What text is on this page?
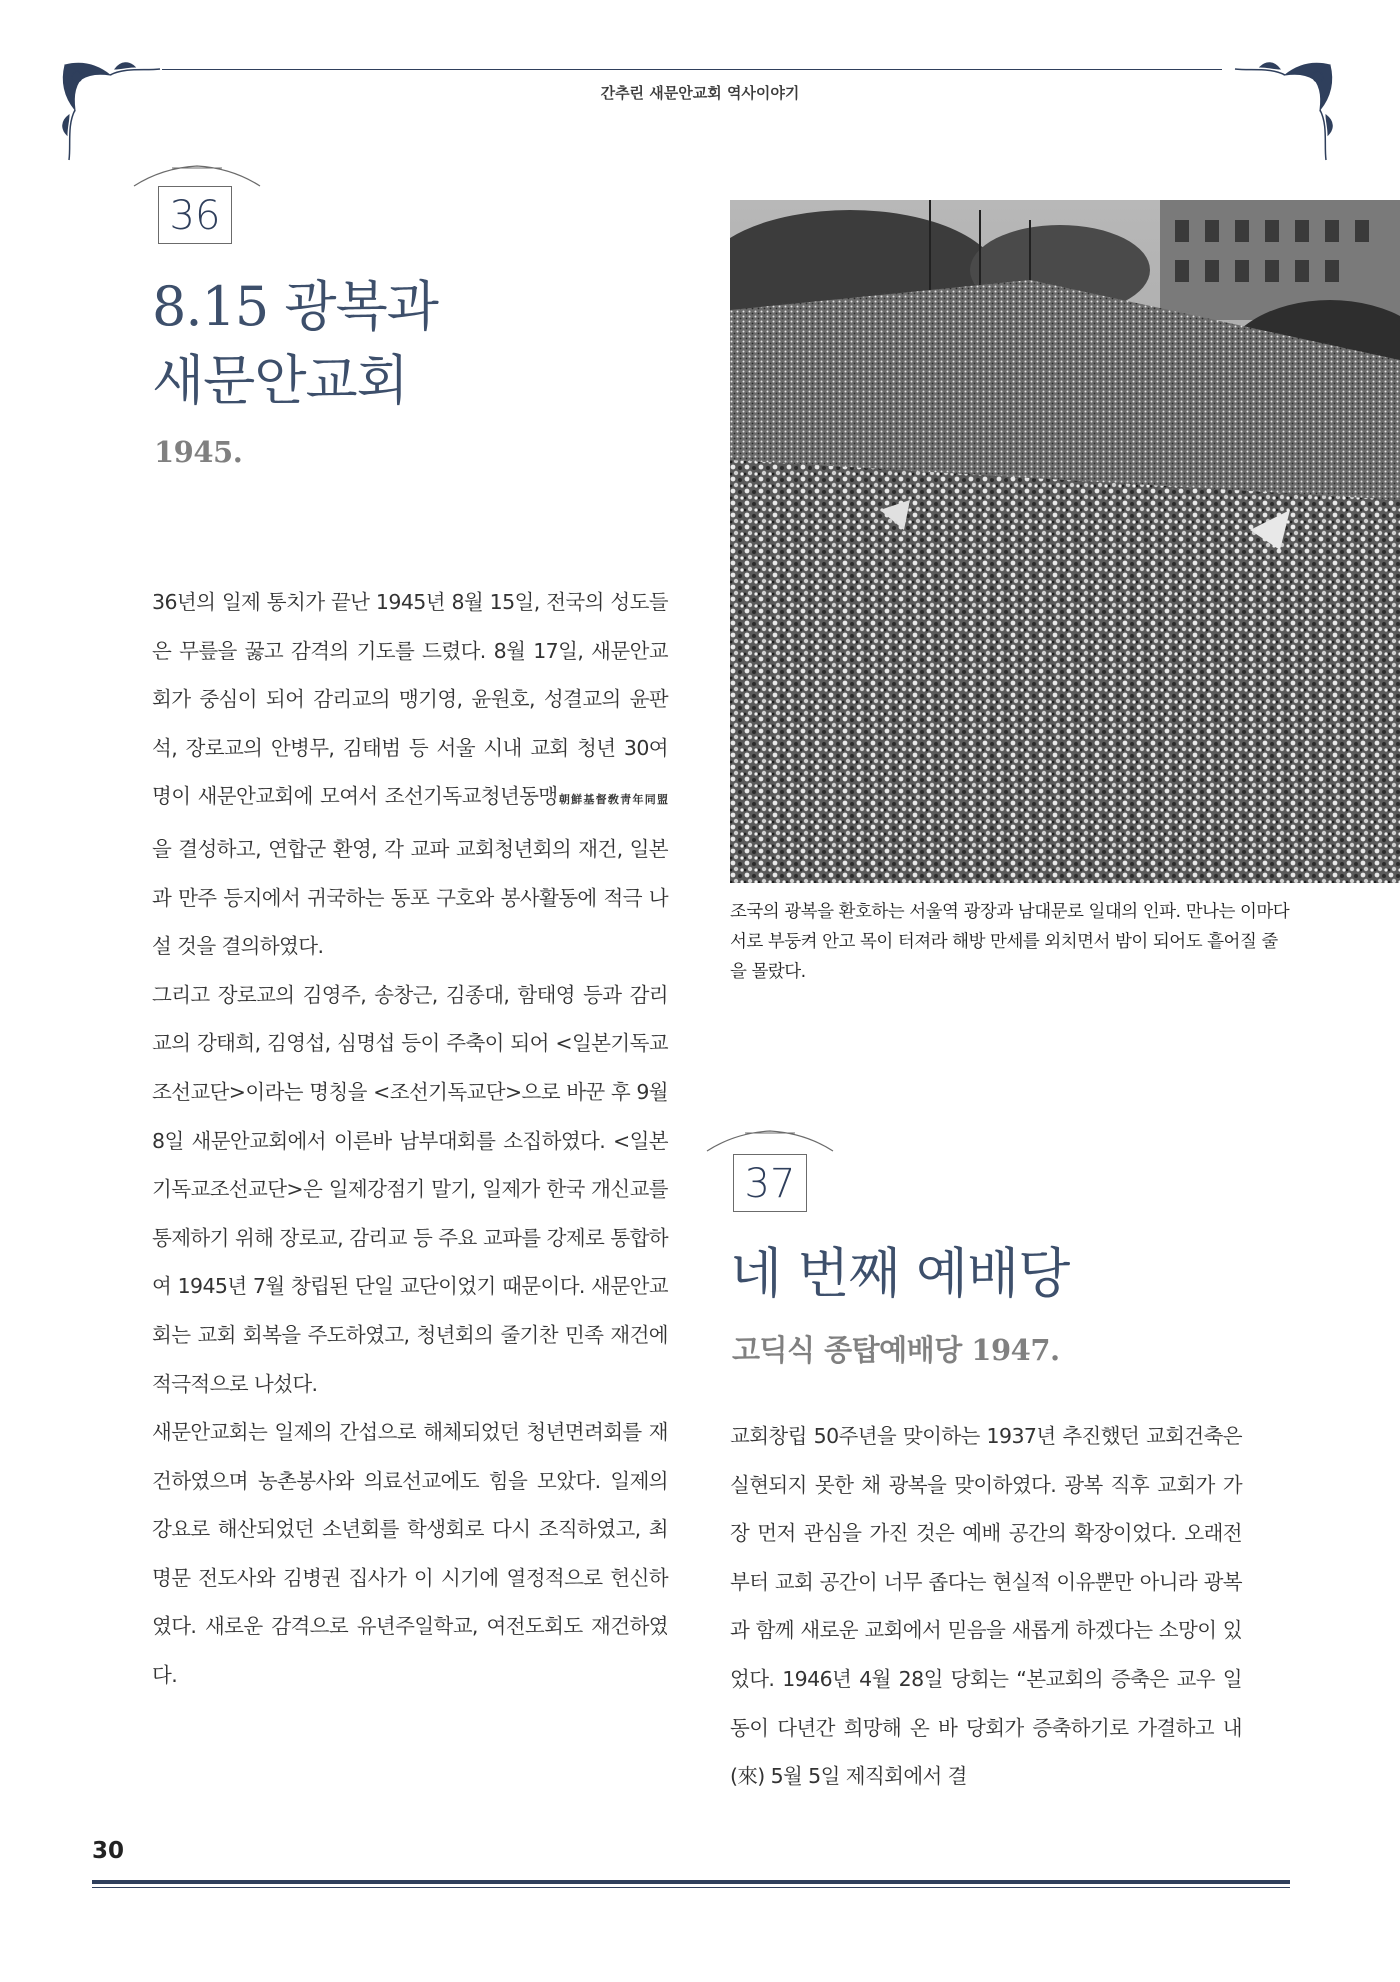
간추린 새문안교회 역사이야기
36
8.15 광복과
새문안교회
1945.

36년의 일제 통치가 끝난 1945년 8월 15일, 전국의 성도들은 무릎을 꿇고 감격의 기도를 드렸다. 8월 17일, 새문안교회가 중심이 되어 감리교의 맹기영, 윤원호, 성결교의 윤판석, 장로교의 안병무, 김태범 등 서울 시내 교회 청년 30여 명이 새문안교회에 모여서 조선기독교청년동맹朝鮮基督敎靑年同盟을 결성하고, 연합군 환영, 각 교파 교회청년회의 재건, 일본과 만주 등지에서 귀국하는 동포 구호와 봉사활동에 적극 나설 것을 결의하였다.

그리고 장로교의 김영주, 송창근, 김종대, 함태영 등과 감리교의 강태희, 김영섭, 심명섭 등이 주축이 되어 <일본기독교조선교단>이라는 명칭을 <조선기독교단>으로 바꾼 후 9월 8일 새문안교회에서 이른바 남부대회를 소집하였다. <일본기독교조선교단>은 일제강점기 말기, 일제가 한국 개신교를 통제하기 위해 장로교, 감리교 등 주요 교파를 강제로 통합하여 1945년 7월 창립된 단일 교단이었기 때문이다. 새문안교회는 교회 회복을 주도하였고, 청년회의 줄기찬 민족 재건에 적극적으로 나섰다.

새문안교회는 일제의 간섭으로 해체되었던 청년면려회를 재건하였으며 농촌봉사와 의료선교에도 힘을 모았다. 일제의 강요로 해산되었던 소년회를 학생회로 다시 조직하였고, 최명문 전도사와 김병권 집사가 이 시기에 열정적으로 헌신하였다. 새로운 감격으로 유년주일학교, 여전도회도 재건하였다.

조국의 광복을 환호하는 서울역 광장과 남대문로 일대의 인파. 만나는 이마다 서로 부둥켜 안고 목이 터져라 해방 만세를 외치면서 밤이 되어도 흩어질 줄을 몰랐다.
37
네 번째 예배당
고딕식 종탑예배당 1947.

교회창립 50주년을 맞이하는 1937년 추진했던 교회건축은 실현되지 못한 채 광복을 맞이하였다. 광복 직후 교회가 가장 먼저 관심을 가진 것은 예배 공간의 확장이었다. 오래전부터 교회 공간이 너무 좁다는 현실적 이유뿐만 아니라 광복과 함께 새로운 교회에서 믿음을 새롭게 하겠다는 소망이 있었다. 1946년 4월 28일 당회는 “본교회의 증축은 교우 일동이 다년간 희망해 온 바 당회가 증축하기로 가결하고 내(來) 5월 5일 제직회에서 결

30
